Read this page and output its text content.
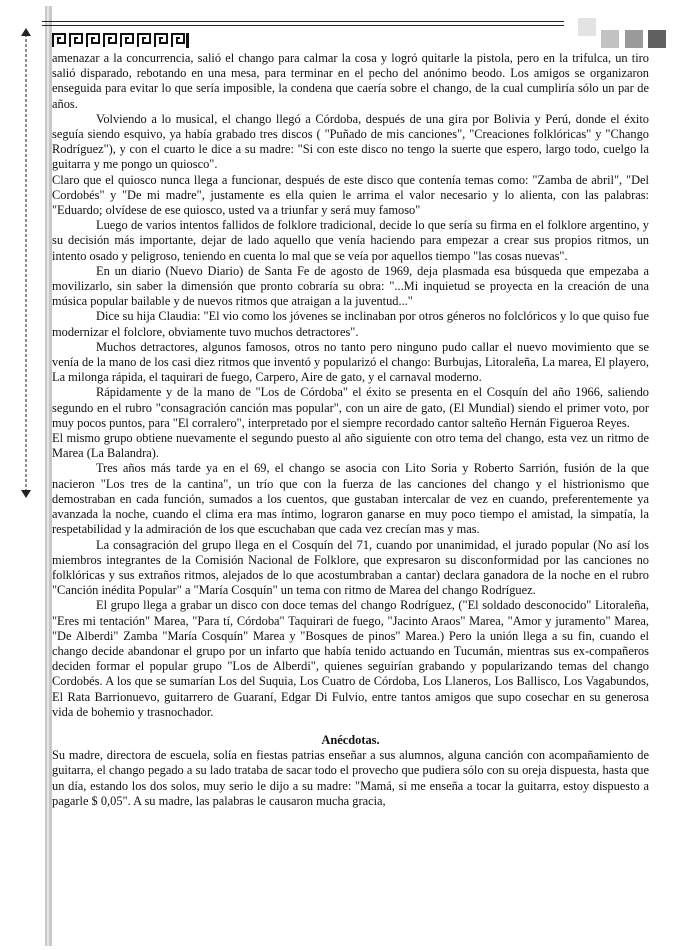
amenazar a la concurrencia, salió el chango para calmar la cosa y logró quitarle la pistola, pero en la trifulca, un tiro salió disparado, rebotando en una mesa, para terminar en el pecho del anónimo beodo. Los amigos se organizaron enseguida para evitar lo que sería imposible, la condena que caería sobre el chango, de la cual cumpliría sólo un par de años.

Volviendo a lo musical, el chango llegó a Córdoba, después de una gira por Bolivia y Perú, donde el éxito seguía siendo esquivo, ya había grabado tres discos ( "Puñado de mis canciones", "Creaciones folklóricas" y "Chango Rodríguez"), y con el cuarto le dice a su madre: "Si con este disco no tengo la suerte que espero, largo todo, cuelgo la guitarra y me pongo un quiosco".

Claro que el quiosco nunca llega a funcionar, después de este disco que contenía temas como: "Zamba de abril", "Del Cordobés" y "De mi madre", justamente es ella quien le arrima el valor necesario y lo alienta, con las palabras: "Eduardo; olvídese de ese quiosco, usted va a triunfar y será muy famoso"

Luego de varios intentos fallidos de folklore tradicional, decide lo que sería su firma en el folklore argentino, y su decisión más importante, dejar de lado aquello que venía haciendo para empezar a crear sus propios ritmos, un intento osado y peligroso, teniendo en cuenta lo mal que se veía por aquellos tiempo "las cosas nuevas".

En un diario (Nuevo Diario) de Santa Fe de agosto de 1969, deja plasmada esa búsqueda que empezaba a movilizarlo, sin saber la dimensión que pronto cobraría su obra: "...Mi inquietud se proyecta en la creación de una música popular bailable y de nuevos ritmos que atraigan a la juventud..."

Dice su hija Claudia: "El vio como los jóvenes se inclinaban por otros géneros no folclóricos y lo que quiso fue modernizar el folclore, obviamente tuvo muchos detractores".

Muchos detractores, algunos famosos, otros no tanto pero ninguno pudo callar el nuevo movimiento que se venía de la mano de los casi diez ritmos que inventó y popularizó el chango: Burbujas, Litoraleña, La marea, El playero, La milonga rápida, el taquirari de fuego, Carpero, Aire de gato, y el carnaval moderno.

Rápidamente y de la mano de "Los de Córdoba" el éxito se presenta en el Cosquín del año 1966, saliendo segundo en el rubro "consagración canción mas popular", con un aire de gato, (El Mundial) siendo el primer voto, por muy pocos puntos, para "El corralero", interpretado por el siempre recordado cantor salteño Hernán Figueroa Reyes.

El mismo grupo obtiene nuevamente el segundo puesto al año siguiente con otro tema del chango, esta vez un ritmo de Marea (La Balandra).

Tres años más tarde ya en el 69, el chango se asocia con Lito Soria y Roberto Sarrión, fusión de la que nacieron "Los tres de la cantina", un trío que con la fuerza de las canciones del chango y el histrionismo que demostraban en cada función, sumados a los cuentos, que gustaban intercalar de vez en cuando, preferentemente ya avanzada la noche, cuando el clima era mas íntimo, lograron ganarse en muy poco tiempo el amistad, la simpatía, la respetabilidad y la admiración de los que escuchaban que cada vez crecían mas y mas.

La consagración del grupo llega en el Cosquín del 71, cuando por unanimidad, el jurado popular (No así los miembros integrantes de la Comisión Nacional de Folklore, que expresaron su disconformidad por las canciones no folklóricas y sus extraños ritmos, alejados de lo que acostumbraban a cantar) declara ganadora de la noche en el rubro "Canción inédita Popular" a "María Cosquín" un tema con ritmo de Marea del chango Rodríguez.

El grupo llega a grabar un disco con doce temas del chango Rodríguez, ("El soldado desconocido" Litoraleña, "Eres mi tentación" Marea, "Para tí, Córdoba" Taquirari de fuego, "Jacinto Araos" Marea, "Amor y juramento" Marea, "De Alberdi" Zamba "María Cosquín" Marea y "Bosques de pinos" Marea.) Pero la unión llega a su fin, cuando el chango decide abandonar el grupo por un infarto que había tenido actuando en Tucumán, mientras sus ex-compañeros deciden formar el popular grupo "Los de Alberdi", quienes seguirían grabando y popularizando temas del chango Cordobés. A los que se sumarían Los del Suquia, Los Cuatro de Córdoba, Los Llaneros, Los Ballisco, Los Vagabundos, El Rata Barrionuevo, guitarrero de Guaraní, Edgar Di Fulvio, entre tantos amigos que supo cosechar en su generosa vida de bohemio y trasnochador.

Anécdotas.

Su madre, directora de escuela, solía en fiestas patrias enseñar a sus alumnos, alguna canción con acompañamiento de guitarra, el chango pegado a su lado trataba de sacar todo el provecho que pudiera sólo con su oreja dispuesta, hasta que un día, estando los dos solos, muy serio le dijo a su madre: "Mamá, si me enseña a tocar la guitarra, estoy dispuesto a pagarle $ 0,05". A su madre, las palabras le causaron mucha gracia,
